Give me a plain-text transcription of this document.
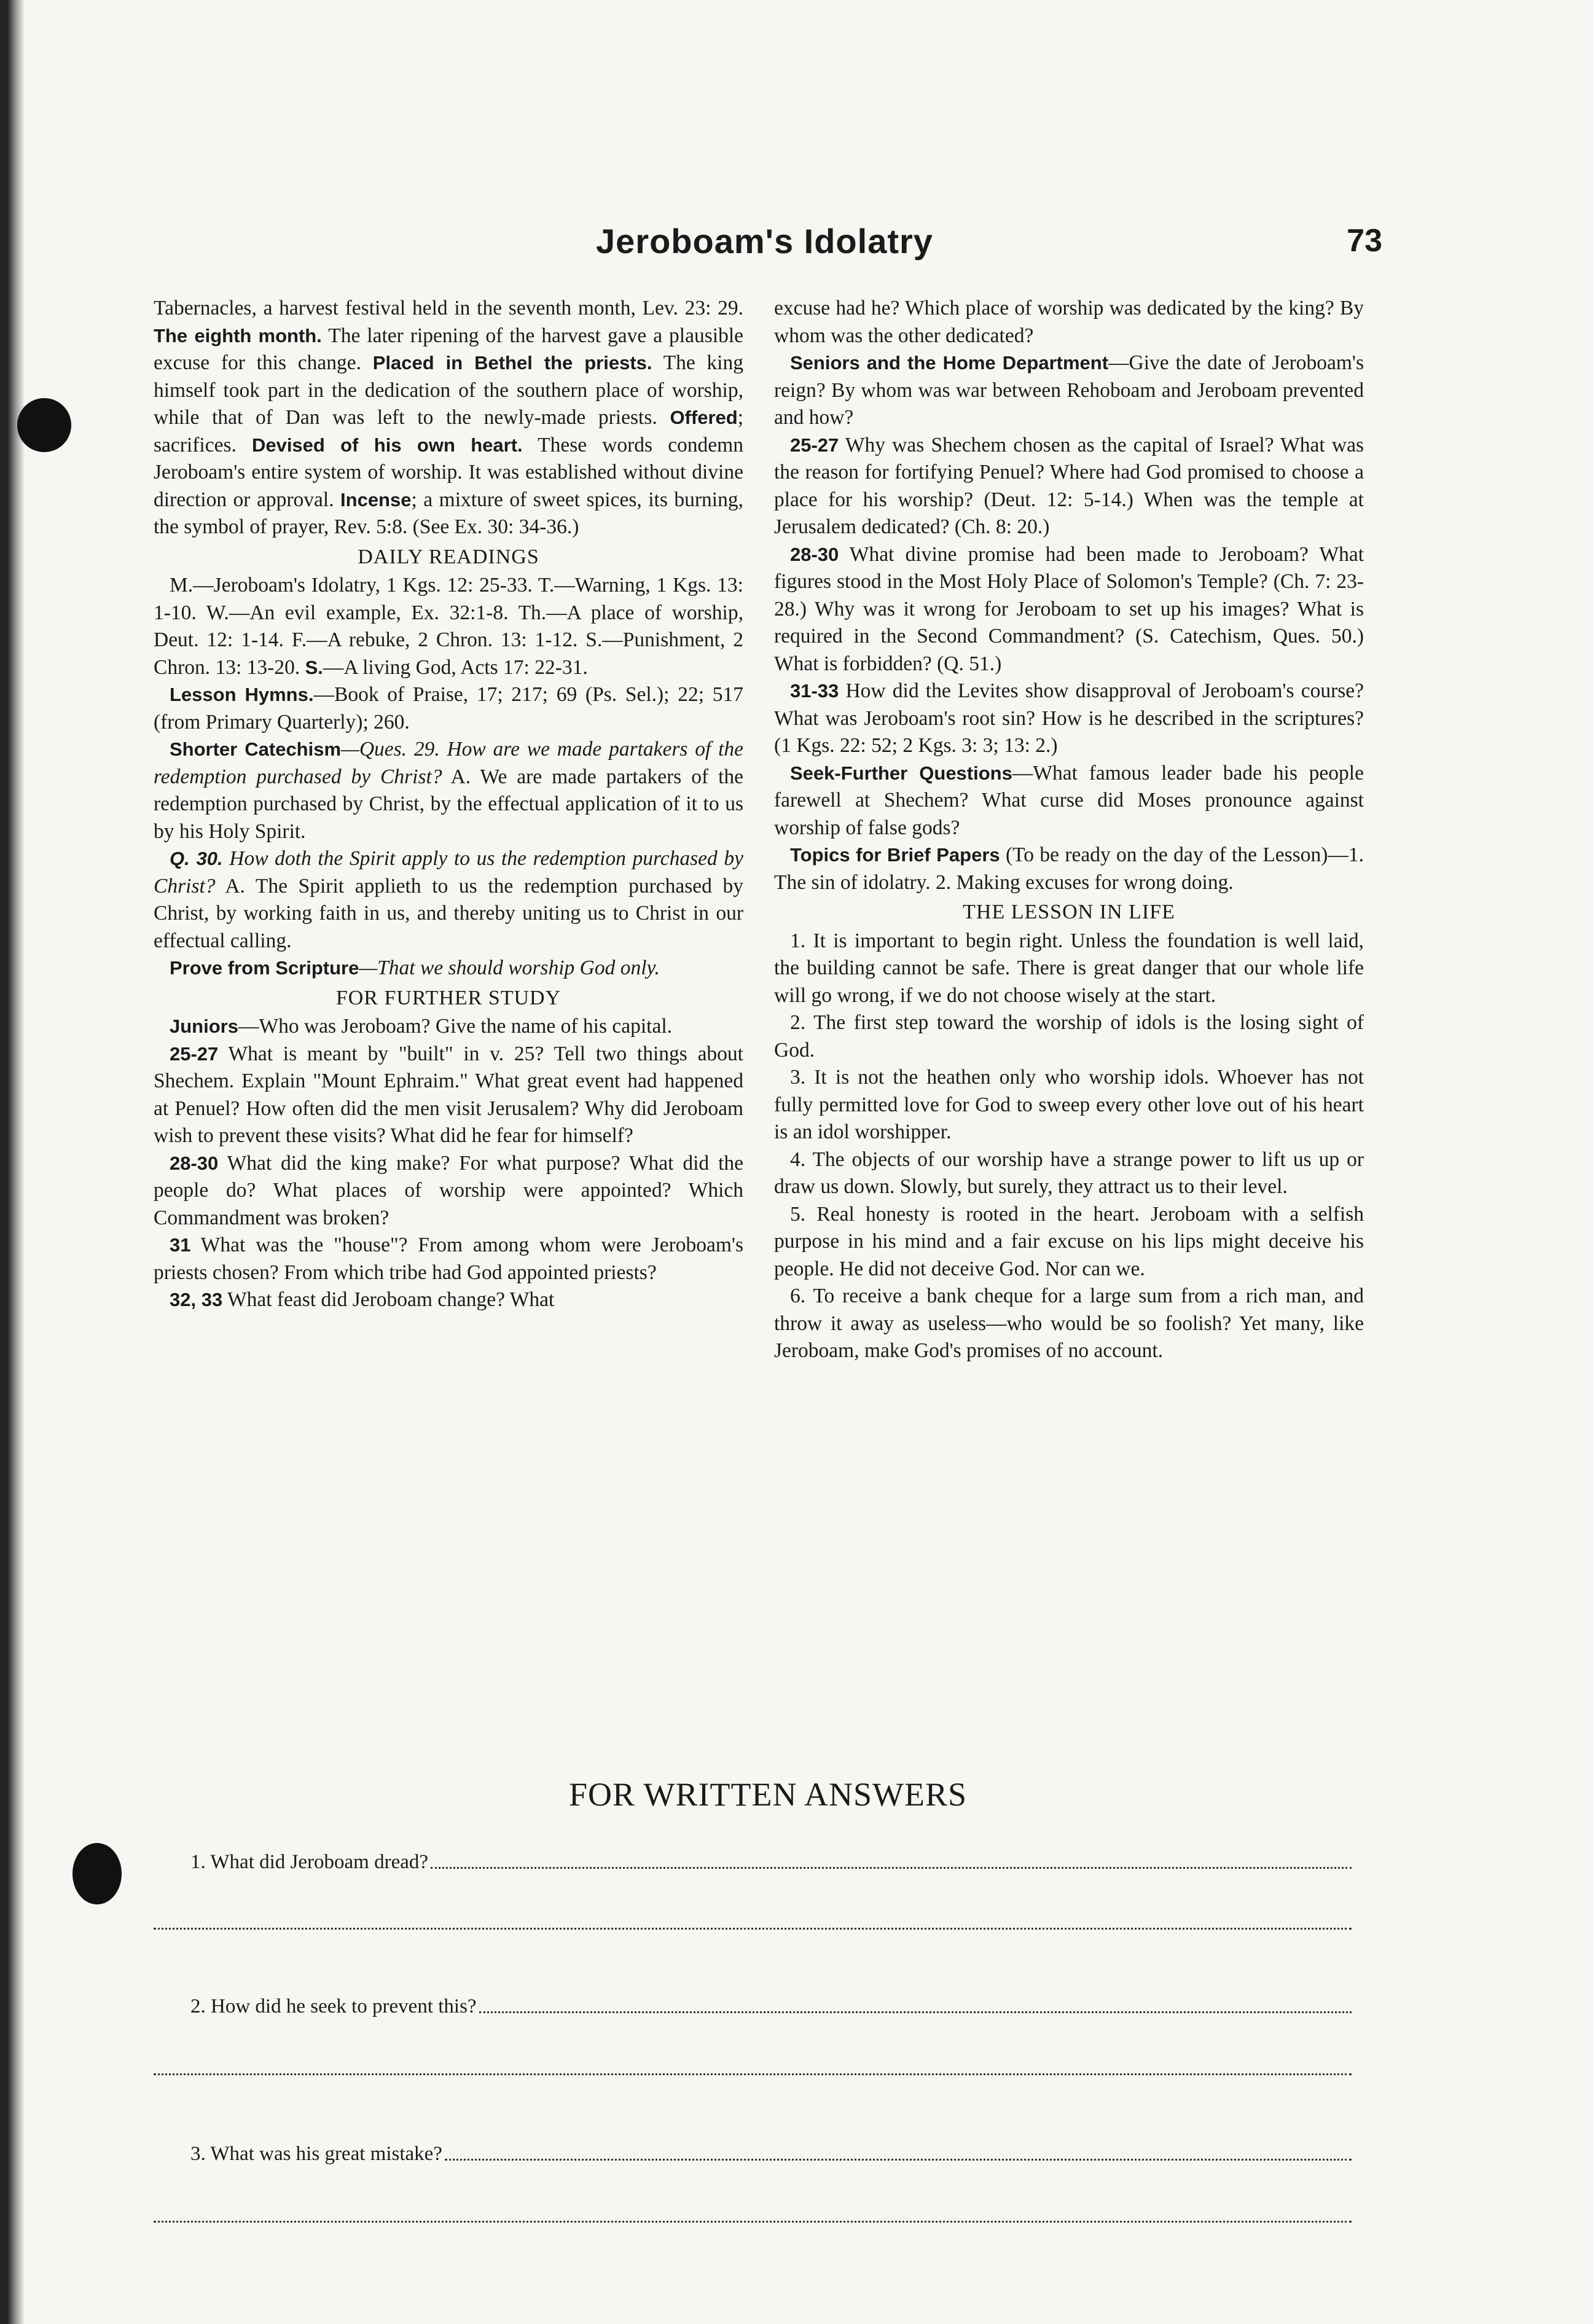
Jeroboam's Idolatry	73

Tabernacles, a harvest festival held in the seventh month, Lev. 23: 29. The eighth month. The later ripening of the harvest gave a plausible excuse for this change. Placed in Bethel the priests. The king himself took part in the dedication of the southern place of worship, while that of Dan was left to the newly-made priests. Offered; sacrifices. Devised of his own heart. These words condemn Jeroboam's entire system of worship. It was established without divine direction or approval. Incense; a mixture of sweet spices, its burning, the symbol of prayer, Rev. 5:8. (See Ex. 30: 34-36.)

DAILY READINGS

M.—Jeroboam's Idolatry, 1 Kgs. 12: 25-33. T.—Warning, 1 Kgs. 13: 1-10. W.—An evil example, Ex. 32:1-8. Th.—A place of worship, Deut. 12: 1-14. F.—A rebuke, 2 Chron. 13: 1-12. S.—Punishment, 2 Chron. 13: 13-20. S.—A living God, Acts 17: 22-31.

Lesson Hymns.—Book of Praise, 17; 217; 69 (Ps. Sel.); 22; 517 (from Primary Quarterly); 260.

Shorter Catechism—Ques. 29. How are we made partakers of the redemption purchased by Christ? A. We are made partakers of the redemption purchased by Christ, by the effectual application of it to us by his Holy Spirit.

Q. 30. How doth the Spirit apply to us the redemption purchased by Christ? A. The Spirit applieth to us the redemption purchased by Christ, by working faith in us, and thereby uniting us to Christ in our effectual calling.

Prove from Scripture—That we should worship God only.

FOR FURTHER STUDY

Juniors—Who was Jeroboam? Give the name of his capital.

25-27 What is meant by "built" in v. 25? Tell two things about Shechem. Explain "Mount Ephraim." What great event had happened at Penuel? How often did the men visit Jerusalem? Why did Jeroboam wish to prevent these visits? What did he fear for himself?

28-30 What did the king make? For what purpose? What did the people do? What places of worship were appointed? Which Commandment was broken?

31 What was the "house"? From among whom were Jeroboam's priests chosen? From which tribe had God appointed priests?

32, 33 What feast did Jeroboam change? What

excuse had he? Which place of worship was dedicated by the king? By whom was the other dedicated?

Seniors and the Home Department—Give the date of Jeroboam's reign? By whom was war between Rehoboam and Jeroboam prevented and how?

25-27 Why was Shechem chosen as the capital of Israel? What was the reason for fortifying Penuel? Where had God promised to choose a place for his worship? (Deut. 12: 5-14.) When was the temple at Jerusalem dedicated? (Ch. 8: 20.)

28-30 What divine promise had been made to Jeroboam? What figures stood in the Most Holy Place of Solomon's Temple? (Ch. 7: 23-28.) Why was it wrong for Jeroboam to set up his images? What is required in the Second Commandment? (S. Catechism, Ques. 50.) What is forbidden? (Q. 51.)

31-33 How did the Levites show disapproval of Jeroboam's course? What was Jeroboam's root sin? How is he described in the scriptures? (1 Kgs. 22: 52; 2 Kgs. 3: 3; 13: 2.)

Seek-Further Questions—What famous leader bade his people farewell at Shechem? What curse did Moses pronounce against worship of false gods?

Topics for Brief Papers (To be ready on the day of the Lesson)—1. The sin of idolatry. 2. Making excuses for wrong doing.

THE LESSON IN LIFE

1. It is important to begin right. Unless the foundation is well laid, the building cannot be safe. There is great danger that our whole life will go wrong, if we do not choose wisely at the start.

2. The first step toward the worship of idols is the losing sight of God.

3. It is not the heathen only who worship idols. Whoever has not fully permitted love for God to sweep every other love out of his heart is an idol worshipper.

4. The objects of our worship have a strange power to lift us up or draw us down. Slowly, but surely, they attract us to their level.

5. Real honesty is rooted in the heart. Jeroboam with a selfish purpose in his mind and a fair excuse on his lips might deceive his people. He did not deceive God. Nor can we.

6. To receive a bank cheque for a large sum from a rich man, and throw it away as useless—who would be so foolish? Yet many, like Jeroboam, make God's promises of no account.

FOR WRITTEN ANSWERS
1. What did Jeroboam dread?
2. How did he seek to prevent this?
3. What was his great mistake?
